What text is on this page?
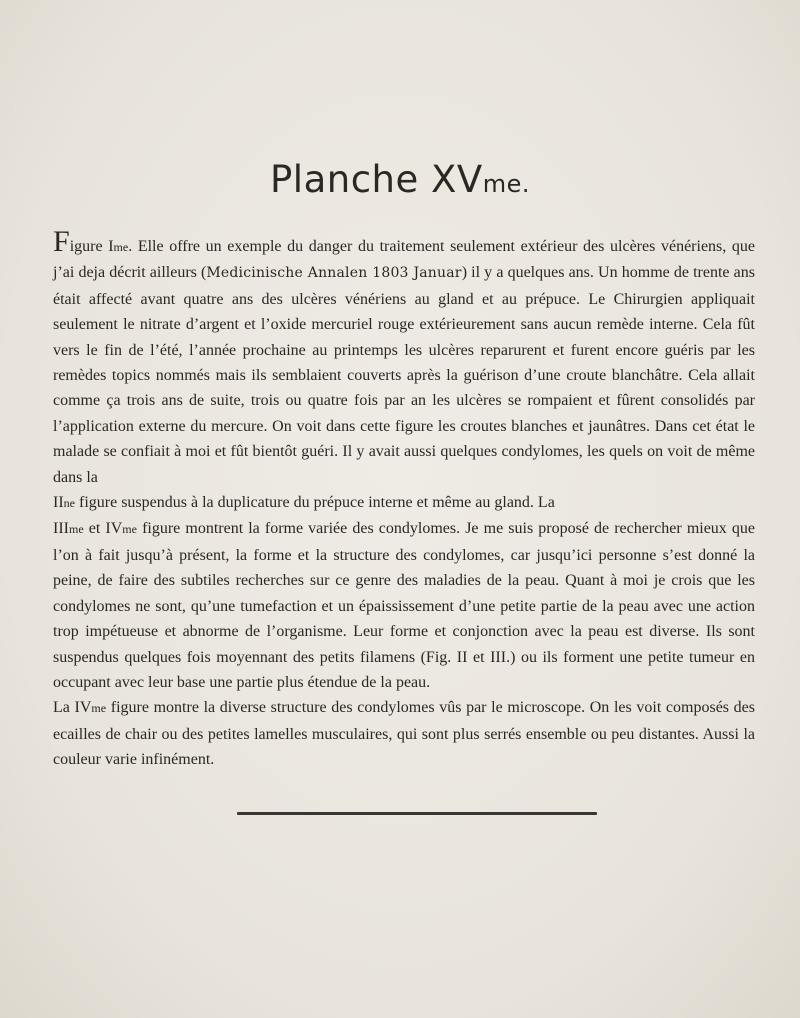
Planche XVme.

Figure Ime. Elle offre un exemple du danger du traitement seulement extérieur des ulcères vénériens, que j’ai deja décrit ailleurs (Medicinische Annalen 1803 Januar) il y a quelques ans. Un homme de trente ans était affecté avant quatre ans des ulcères vénériens au gland et au prépuce. Le Chirurgien appliquait seulement le nitrate d’argent et l’oxide mercuriel rouge extérieurement sans aucun remède interne. Cela fût vers le fin de l’été, l’année prochaine au printemps les ulcères reparurent et furent encore guéris par les remèdes topics nommés mais ils semblaient couverts après la guérison d’une croute blanchâtre. Cela allait comme ça trois ans de suite, trois ou quatre fois par an les ulcères se rompaient et fûrent consolidés par l’application externe du mercure. On voit dans cette figure les croutes blanches et jaunâtres. Dans cet état le malade se confiait à moi et fût bientôt guéri. Il y avait aussi quelques condylomes, les quels on voit de même dans la

IIne figure suspendus à la duplicature du prépuce interne et même au gland. La

IIIme et IVme figure montrent la forme variée des condylomes. Je me suis proposé de rechercher mieux que l’on à fait jusqu’à présent, la forme et la structure des condylomes, car jusqu’ici personne s’est donné la peine, de faire des subtiles recherches sur ce genre des maladies de la peau. Quant à moi je crois que les condylomes ne sont, qu’une tumefaction et un épaississement d’une petite partie de la peau avec une action trop impétueuse et abnorme de l’organisme. Leur forme et conjonction avec la peau est diverse. Ils sont suspendus quelques fois moyennant des petits filamens (Fig. II et III.) ou ils forment une petite tumeur en occupant avec leur base une partie plus étendue de la peau.

La IVme figure montre la diverse structure des condylomes vûs par le microscope. On les voit composés des ecailles de chair ou des petites lamelles musculaires, qui sont plus serrés ensemble ou peu distantes. Aussi la couleur varie infinément.
